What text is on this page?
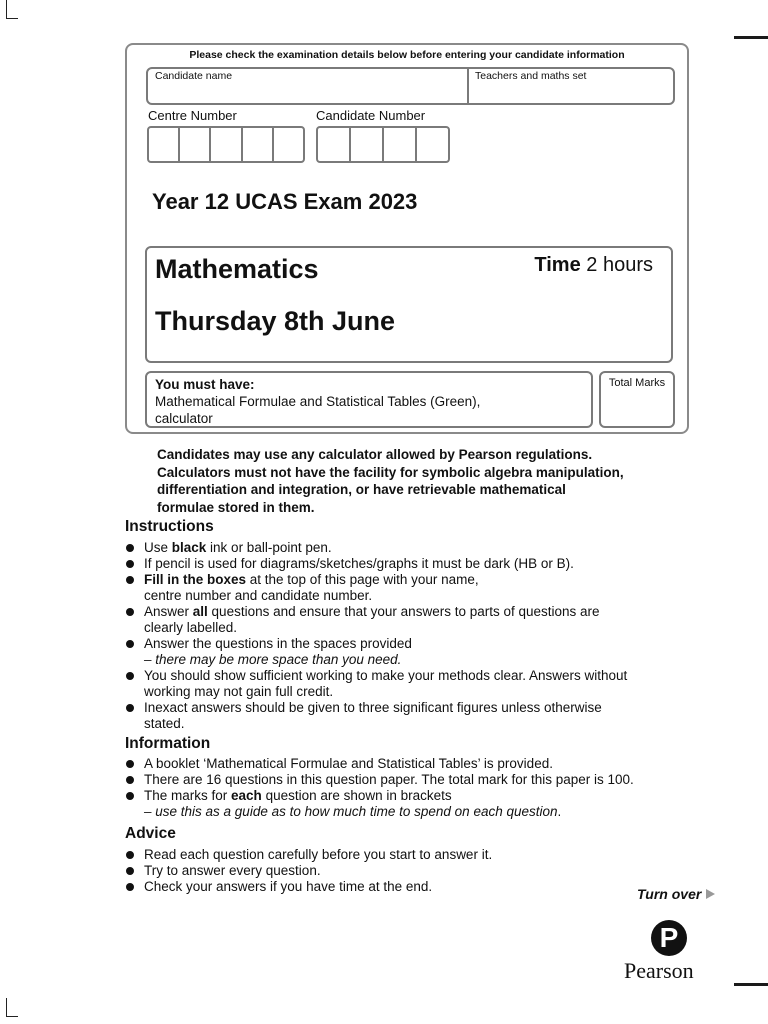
Please check the examination details below before entering your candidate information
Candidate name	Teachers and maths set
Centre Number	Candidate Number
Year 12 UCAS Exam 2023
Mathematics
Thursday 8th June
Time 2 hours
You must have:
Mathematical Formulae and Statistical Tables (Green),
calculator
Total Marks
Candidates may use any calculator allowed by Pearson regulations.
Calculators must not have the facility for symbolic algebra manipulation,
differentiation and integration, or have retrievable mathematical
formulae stored in them.
Instructions
Use black ink or ball-point pen.
If pencil is used for diagrams/sketches/graphs it must be dark (HB or B).
Fill in the boxes at the top of this page with your name,
centre number and candidate number.
Answer all questions and ensure that your answers to parts of questions are
clearly labelled.
Answer the questions in the spaces provided
– there may be more space than you need.
You should show sufficient working to make your methods clear. Answers without
working may not gain full credit.
Inexact answers should be given to three significant figures unless otherwise
stated.
Information
A booklet ‘Mathematical Formulae and Statistical Tables’ is provided.
There are 16 questions in this question paper. The total mark for this paper is 100.
The marks for each question are shown in brackets
– use this as a guide as to how much time to spend on each question.
Advice
Read each question carefully before you start to answer it.
Try to answer every question.
Check your answers if you have time at the end.	Turn over
P
Pearson
